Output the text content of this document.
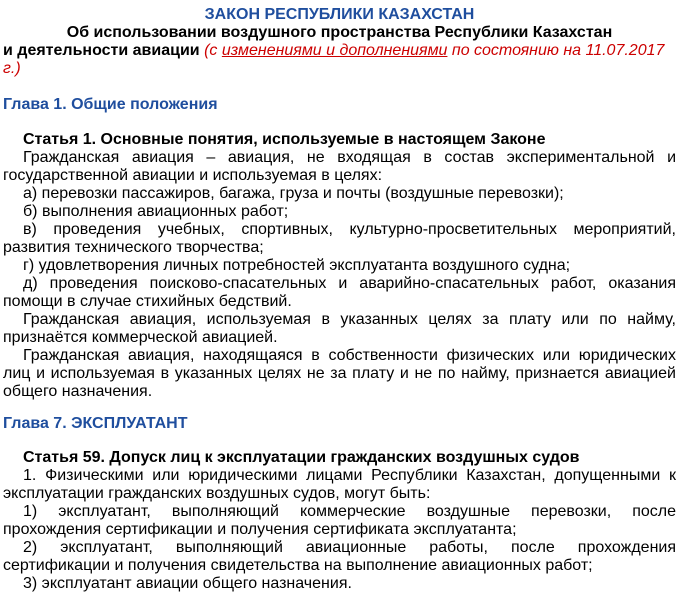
ЗАКОН РЕСПУБЛИКИ КАЗАХСТАН
Об использовании воздушного пространства Республики Казахстан
и деятельности авиации (с изменениями и дополнениями по состоянию на 11.07.2017 г.)
Глава 1. Общие положения
Статья 1. Основные понятия, используемые в настоящем Законе

Гражданская авиация – авиация, не входящая в состав экспериментальной и государственной авиации и используемая в целях:

а) перевозки пассажиров, багажа, груза и почты (воздушные перевозки);

б) выполнения авиационных работ;

в) проведения учебных, спортивных, культурно-просветительных мероприятий, развития технического творчества;

г) удовлетворения личных потребностей эксплуатанта воздушного судна;

д) проведения поисково-спасательных и аварийно-спасательных работ, оказания помощи в случае стихийных бедствий.

Гражданская авиация, используемая в указанных целях за плату или по найму, признаётся коммерческой авиацией.

Гражданская авиация, находящаяся в собственности физических или юридических лиц и используемая в указанных целях не за плату и не по найму, признается авиацией общего назначения.

Глава 7. ЭКСПЛУАТАНТ
Статья 59. Допуск лиц к эксплуатации гражданских воздушных судов

1. Физическими или юридическими лицами Республики Казахстан, допущенными к эксплуатации гражданских воздушных судов, могут быть:

1) эксплуатант, выполняющий коммерческие воздушные перевозки, после прохождения сертификации и получения сертификата эксплуатанта;

2) эксплуатант, выполняющий авиационные работы, после прохождения сертификации и получения свидетельства на выполнение авиационных работ;

3) эксплуатант авиации общего назначения.
